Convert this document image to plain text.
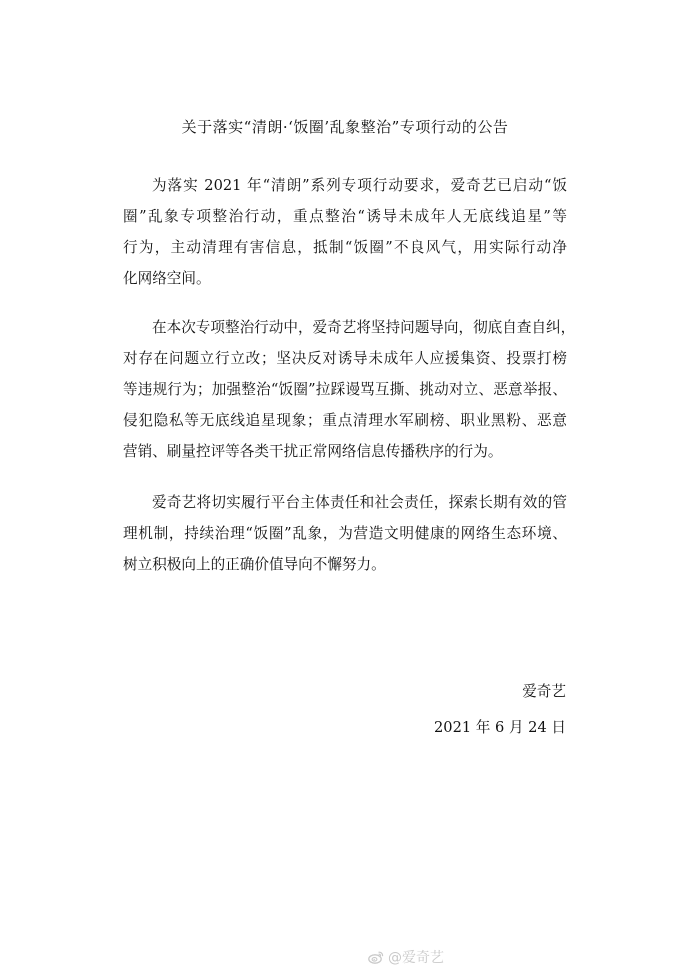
关于落实“清朗·‘饭圈’乱象整治”专项行动的公告
为落实 2021 年“清朗”系列专项行动要求，爱奇艺已启动“饭
圈”乱象专项整治行动，重点整治“诱导未成年人无底线追星”等
行为，主动清理有害信息，抵制“饭圈”不良风气，用实际行动净
化网络空间。
在本次专项整治行动中，爱奇艺将坚持问题导向，彻底自查自纠，
对存在问题立行立改；坚决反对诱导未成年人应援集资、投票打榜
等违规行为；加强整治“饭圈”拉踩谩骂互撕、挑动对立、恶意举报、
侵犯隐私等无底线追星现象；重点清理水军刷榜、职业黑粉、恶意
营销、刷量控评等各类干扰正常网络信息传播秩序的行为。
爱奇艺将切实履行平台主体责任和社会责任，探索长期有效的管
理机制，持续治理“饭圈”乱象，为营造文明健康的网络生态环境、
树立积极向上的正确价值导向不懈努力。
爱奇艺
2021 年 6 月 24 日
@爱奇艺
